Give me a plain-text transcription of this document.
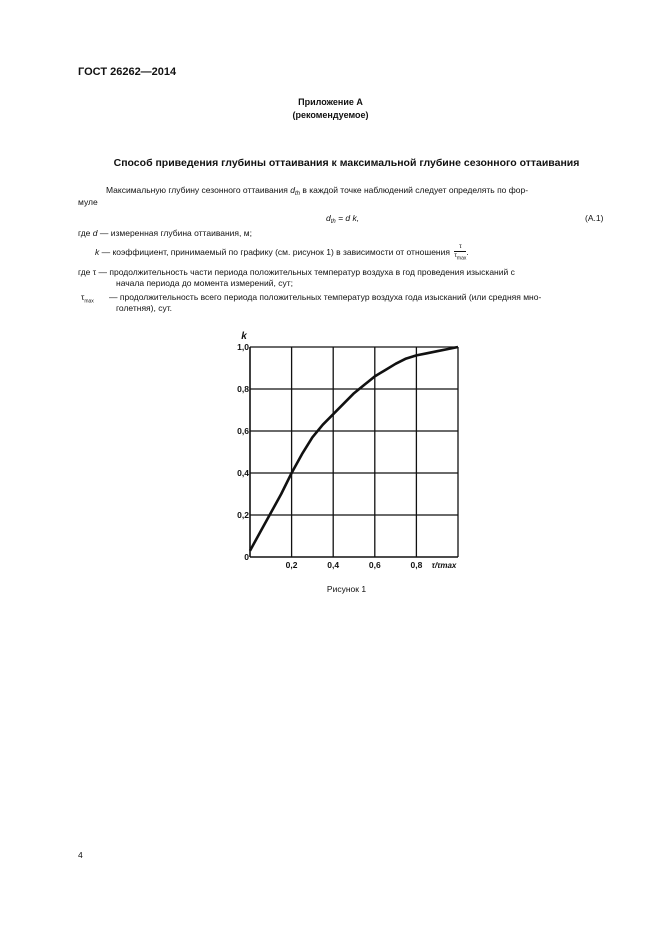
ГОСТ 26262—2014
Приложение А
(рекомендуемое)
Способ приведения глубины оттаивания к максимальной глубине сезонного оттаивания
Максимальную глубину сезонного оттаивания $d_{th}$ в каждой точке наблюдений следует определять по фор-
муле
$d_{th} = d$ k,	(А.1)
где d — измеренная глубина оттаивания, м;
k — коэффициент, принимаемый по графику (см. рисунок 1) в зависимости от отношения $\frac{\tau}{\tau_{max}}$ .
где τ — продолжительность части периода положительных температур воздуха в год проведения изысканий с
начала периода до момента измерений, сут;
$\tau_{max}$ — продолжительность всего периода положительных температур воздуха года изысканий (или средняя мно-
голетняя), сут.
0
0,2
0,4
0,6
0,8
1,0
0,2	0,4	0,6	0,8
k
τ/τmax
Рисунок 1
4
